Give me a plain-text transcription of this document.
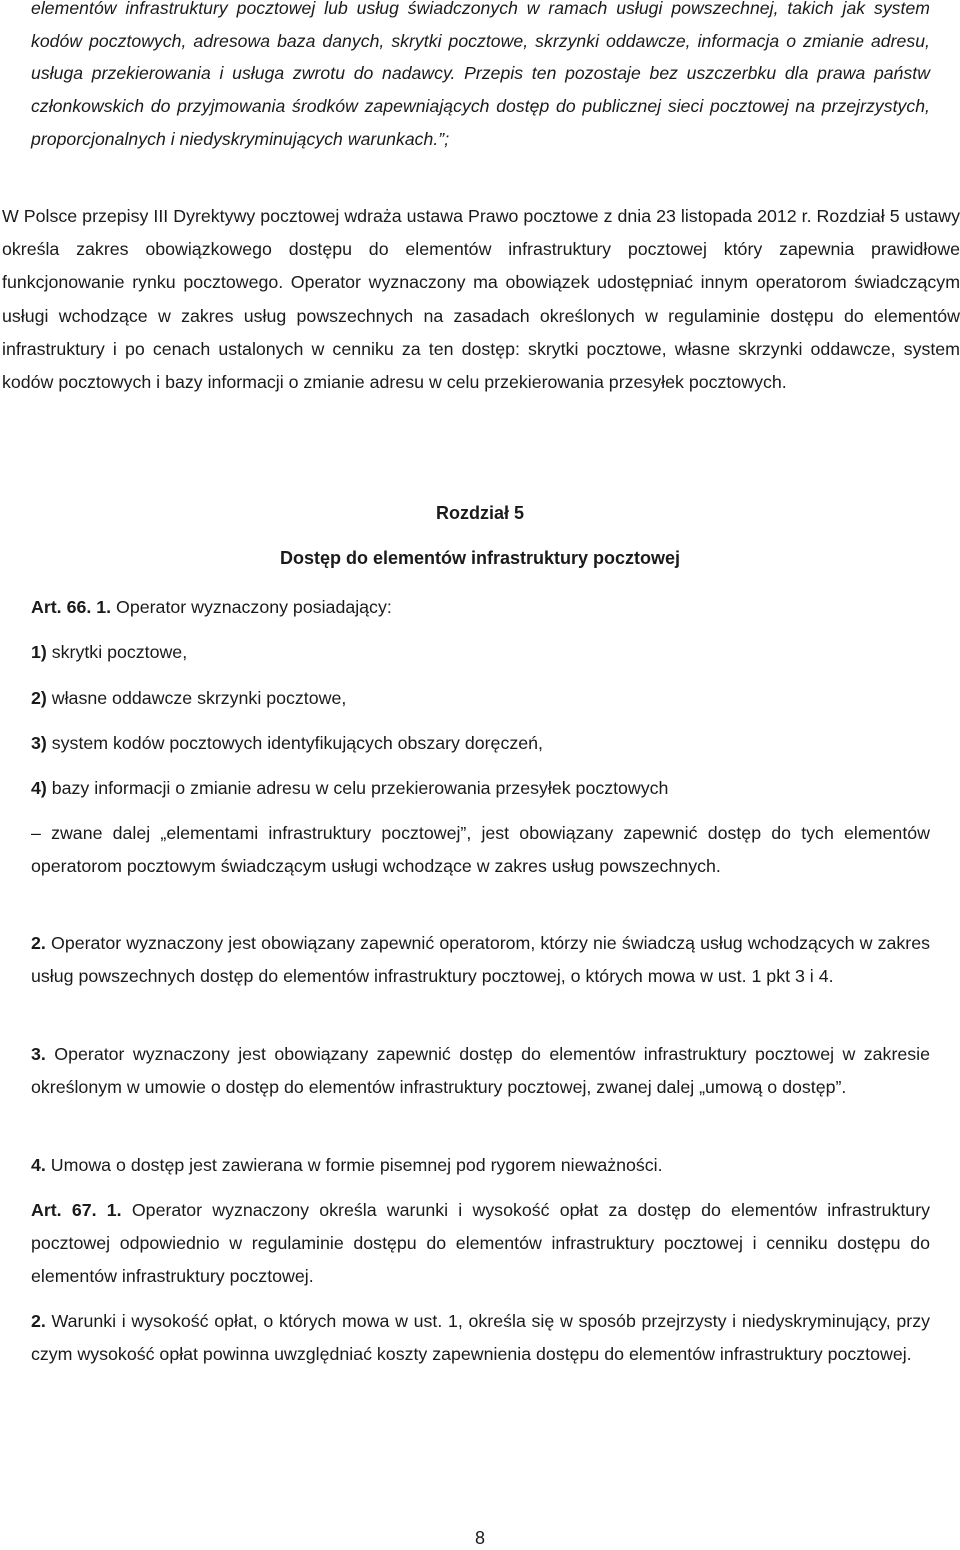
elementów infrastruktury pocztowej lub usług świadczonych w ramach usługi powszechnej, takich jak system kodów pocztowych, adresowa baza danych, skrytki pocztowe, skrzynki oddawcze, informacja o zmianie adresu, usługa przekierowania i usługa zwrotu do nadawcy. Przepis ten pozostaje bez uszczerbku dla prawa państw członkowskich do przyjmowania środków zapewniających dostęp do publicznej sieci pocztowej na przejrzystych, proporcjonalnych i niedyskryminujących warunkach.”;
W Polsce przepisy III Dyrektywy pocztowej wdraża ustawa Prawo pocztowe z dnia 23 listopada 2012 r. Rozdział 5 ustawy określa zakres obowiązkowego dostępu do elementów infrastruktury pocztowej który zapewnia prawidłowe funkcjonowanie rynku pocztowego. Operator wyznaczony ma obowiązek udostępniać innym operatorom świadczącym usługi wchodzące w zakres usług powszechnych na zasadach określonych w regulaminie dostępu do elementów infrastruktury i po cenach ustalonych w cenniku za ten dostęp: skrytki pocztowe, własne skrzynki oddawcze, system kodów pocztowych i bazy informacji o zmianie adresu w celu przekierowania przesyłek pocztowych.
Rozdział 5
Dostęp do elementów infrastruktury pocztowej
Art. 66. 1. Operator wyznaczony posiadający:
1) skrytki pocztowe,
2) własne oddawcze skrzynki pocztowe,
3) system kodów pocztowych identyfikujących obszary doręczeń,
4) bazy informacji o zmianie adresu w celu przekierowania przesyłek pocztowych
– zwane dalej „elementami infrastruktury pocztowej”, jest obowiązany zapewnić dostęp do tych elementów operatorom pocztowym świadczącym usługi wchodzące w zakres usług powszechnych.
2. Operator wyznaczony jest obowiązany zapewnić operatorom, którzy nie świadczą usług wchodzących w zakres usług powszechnych dostęp do elementów infrastruktury pocztowej, o których mowa w ust. 1 pkt 3 i 4.
3. Operator wyznaczony jest obowiązany zapewnić dostęp do elementów infrastruktury pocztowej w zakresie określonym w umowie o dostęp do elementów infrastruktury pocztowej, zwanej dalej „umową o dostęp”.
4. Umowa o dostęp jest zawierana w formie pisemnej pod rygorem nieważności.
Art. 67. 1. Operator wyznaczony określa warunki i wysokość opłat za dostęp do elementów infrastruktury pocztowej odpowiednio w regulaminie dostępu do elementów infrastruktury pocztowej i cenniku dostępu do elementów infrastruktury pocztowej.
2. Warunki i wysokość opłat, o których mowa w ust. 1, określa się w sposób przejrzysty i niedyskryminujący, przy czym wysokość opłat powinna uwzględniać koszty zapewnienia dostępu do elementów infrastruktury pocztowej.
8
